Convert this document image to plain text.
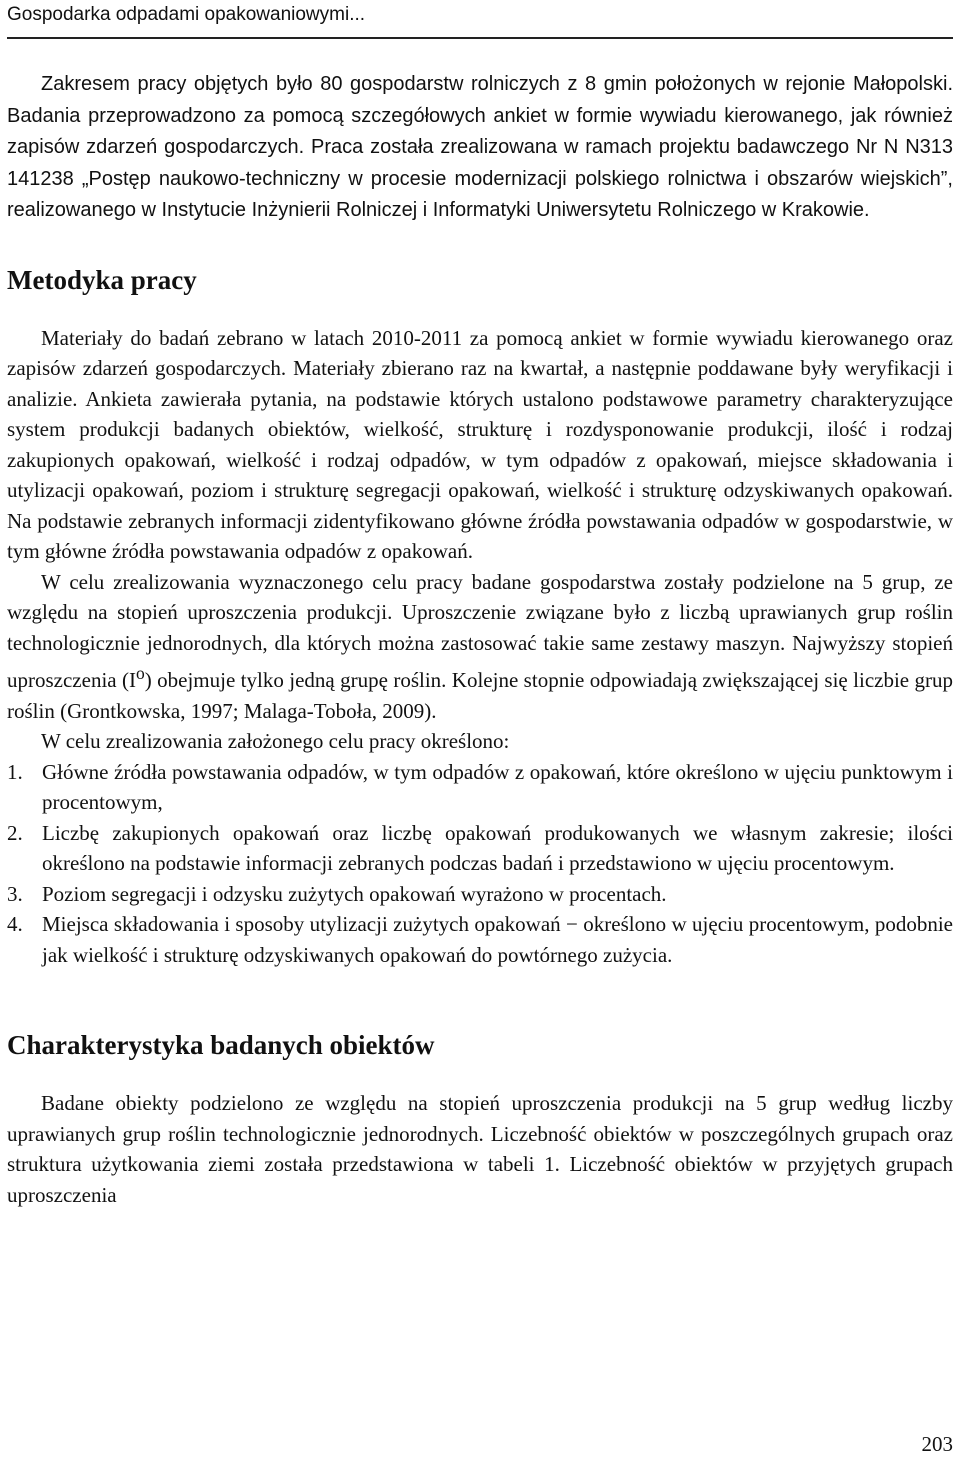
Gospodarka odpadami opakowaniowymi...

Zakresem pracy objętych było 80 gospodarstw rolniczych z 8 gmin położonych w rejonie Małopolski. Badania przeprowadzono za pomocą szczegółowych ankiet w formie wywiadu kierowanego, jak również zapisów zdarzeń gospodarczych. Praca została zrealizowana w ramach projektu badawczego Nr N N313 141238 „Postęp naukowo-techniczny w procesie modernizacji polskiego rolnictwa i obszarów wiejskich”, realizowanego w Instytucie Inżynierii Rolniczej i Informatyki Uniwersytetu Rolniczego w Krakowie.

Metodyka pracy

Materiały do badań zebrano w latach 2010-2011 za pomocą ankiet w formie wywiadu kierowanego oraz zapisów zdarzeń gospodarczych. Materiały zbierano raz na kwartał, a następnie poddawane były weryfikacji i analizie. Ankieta zawierała pytania, na podstawie których ustalono podstawowe parametry charakteryzujące system produkcji badanych obiektów, wielkość, strukturę i rozdysponowanie produkcji, ilość i rodzaj zakupionych opakowań, wielkość i rodzaj odpadów, w tym odpadów z opakowań, miejsce składowania i utylizacji opakowań, poziom i strukturę segregacji opakowań, wielkość i strukturę odzyskiwanych opakowań. Na podstawie zebranych informacji zidentyfikowano główne źródła powstawania odpadów w gospodarstwie, w tym główne źródła powstawania odpadów z opakowań.

W celu zrealizowania wyznaczonego celu pracy badane gospodarstwa zostały podzielone na 5 grup, ze względu na stopień uproszczenia produkcji. Uproszczenie związane było z liczbą uprawianych grup roślin technologicznie jednorodnych, dla których można zastosować takie same zestawy maszyn. Najwyższy stopień uproszczenia $(I^o)$ obejmuje tylko jedną grupę roślin. Kolejne stopnie odpowiadają zwiększającej się liczbie grup roślin (Grontkowska, 1997; Malaga-Toboła, 2009).

W celu zrealizowania założonego celu pracy określono:

1. Główne źródła powstawania odpadów, w tym odpadów z opakowań, które określono w ujęciu punktowym i procentowym,
2. Liczbę zakupionych opakowań oraz liczbę opakowań produkowanych we własnym zakresie; ilości określono na podstawie informacji zebranych podczas badań i przedstawiono w ujęciu procentowym.
3. Poziom segregacji i odzysku zużytych opakowań wyrażono w procentach.
4. Miejsca składowania i sposoby utylizacji zużytych opakowań − określono w ujęciu procentowym, podobnie jak wielkość i strukturę odzyskiwanych opakowań do powtórnego zużycia.
Charakterystyka badanych obiektów

Badane obiekty podzielono ze względu na stopień uproszczenia produkcji na 5 grup według liczby uprawianych grup roślin technologicznie jednorodnych. Liczebność obiektów w poszczególnych grupach oraz struktura użytkowania ziemi została przedstawiona w tabeli 1. Liczebność obiektów w przyjętych grupach uproszczenia

203
